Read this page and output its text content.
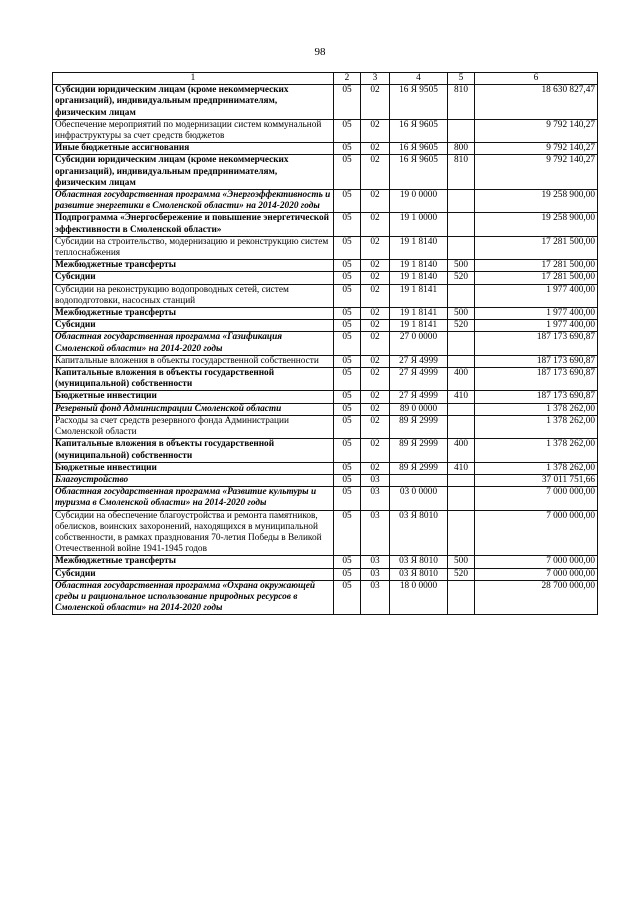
98
1	2	3	4	5	6
Субсидии юридическим лицам (кроме некоммерческих организаций), индивидуальным предпринимателям, физическим лицам	05	02	16 Я 9505	810	18 630 827,47
Обеспечение мероприятий по модернизации систем коммунальной инфраструктуры за счет средств бюджетов	05	02	16 Я 9605		9 792 140,27
Иные бюджетные ассигнования	05	02	16 Я 9605	800	9 792 140,27
Субсидии юридическим лицам (кроме некоммерческих организаций), индивидуальным предпринимателям, физическим лицам	05	02	16 Я 9605	810	9 792 140,27
Областная государственная программа «Энергоэффективность и развитие энергетики в Смоленской области» на 2014-2020 годы	05	02	19 0 0000		19 258 900,00
Подпрограмма «Энергосбережение и повышение энергетической эффективности в Смоленской области»	05	02	19 1 0000		19 258 900,00
Субсидии на строительство, модернизацию и реконструкцию систем теплоснабжения	05	02	19 1 8140		17 281 500,00
Межбюджетные трансферты	05	02	19 1 8140	500	17 281 500,00
Субсидии	05	02	19 1 8140	520	17 281 500,00
Субсидии на реконструкцию водопроводных сетей, систем водоподготовки, насосных станций	05	02	19 1 8141		1 977 400,00
Межбюджетные трансферты	05	02	19 1 8141	500	1 977 400,00
Субсидии	05	02	19 1 8141	520	1 977 400,00
Областная государственная программа «Газификация Смоленской области» на 2014-2020 годы	05	02	27 0 0000		187 173 690,87
Капитальные вложения в объекты государственной собственности	05	02	27 Я 4999		187 173 690,87
Капитальные вложения в объекты государственной (муниципальной) собственности	05	02	27 Я 4999	400	187 173 690,87
Бюджетные инвестиции	05	02	27 Я 4999	410	187 173 690,87
Резервный фонд Администрации Смоленской области	05	02	89 0 0000		1 378 262,00
Расходы за счет средств резервного фонда Администрации Смоленской области	05	02	89 Я 2999		1 378 262,00
Капитальные вложения в объекты государственной (муниципальной) собственности	05	02	89 Я 2999	400	1 378 262,00
Бюджетные инвестиции	05	02	89 Я 2999	410	1 378 262,00
Благоустройство	05	03			37 011 751,66
Областная государственная программа «Развитие культуры и туризма в Смоленской области» на 2014-2020 годы	05	03	03 0 0000		7 000 000,00
Субсидии на обеспечение благоустройства и ремонта памятников, обелисков, воинских захоронений, находящихся в муниципальной собственности, в рамках празднования 70-летия Победы в Великой Отечественной войне 1941-1945 годов	05	03	03 Я 8010		7 000 000,00
Межбюджетные трансферты	05	03	03 Я 8010	500	7 000 000,00
Субсидии	05	03	03 Я 8010	520	7 000 000,00
Областная государственная программа «Охрана окружающей среды и рациональное использование природных ресурсов в Смоленской области» на 2014-2020 годы	05	03	18 0 0000		28 700 000,00
